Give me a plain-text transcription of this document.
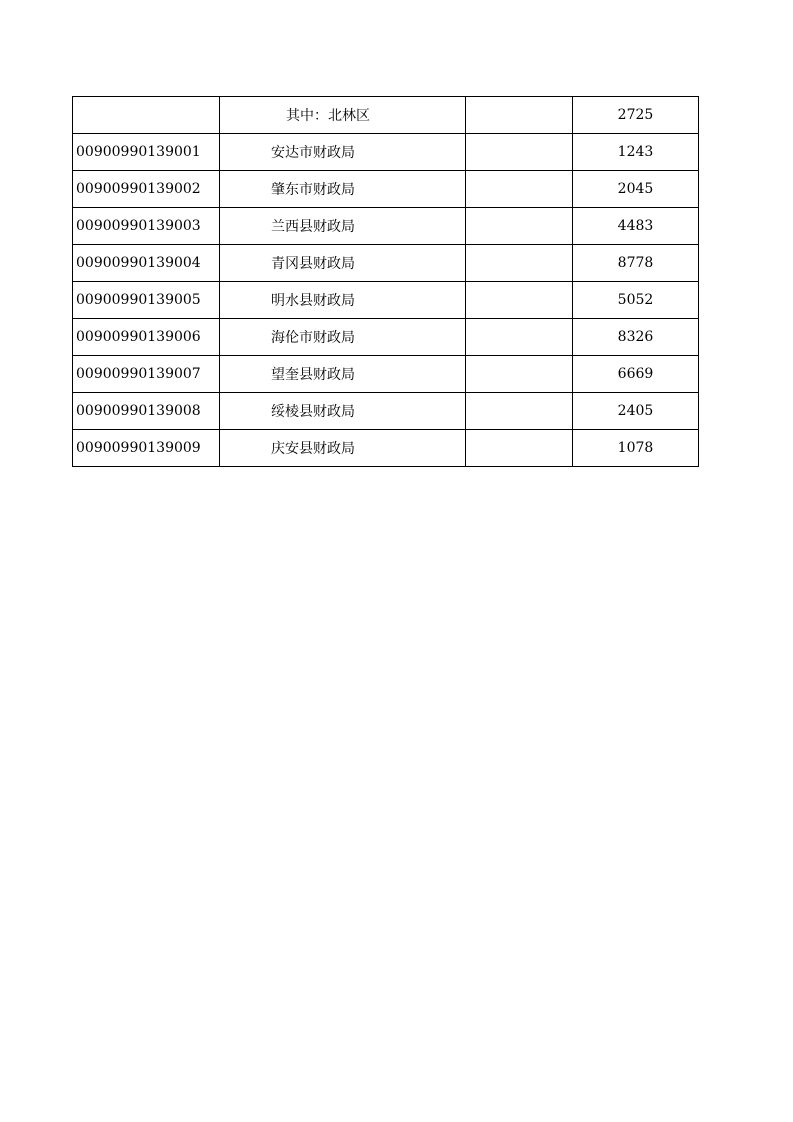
	其中：北林区		2725
00900990139001	安达市财政局		1243
00900990139002	肇东市财政局		2045
00900990139003	兰西县财政局		4483
00900990139004	青冈县财政局		8778
00900990139005	明水县财政局		5052
00900990139006	海伦市财政局		8326
00900990139007	望奎县财政局		6669
00900990139008	绥棱县财政局		2405
00900990139009	庆安县财政局		1078
